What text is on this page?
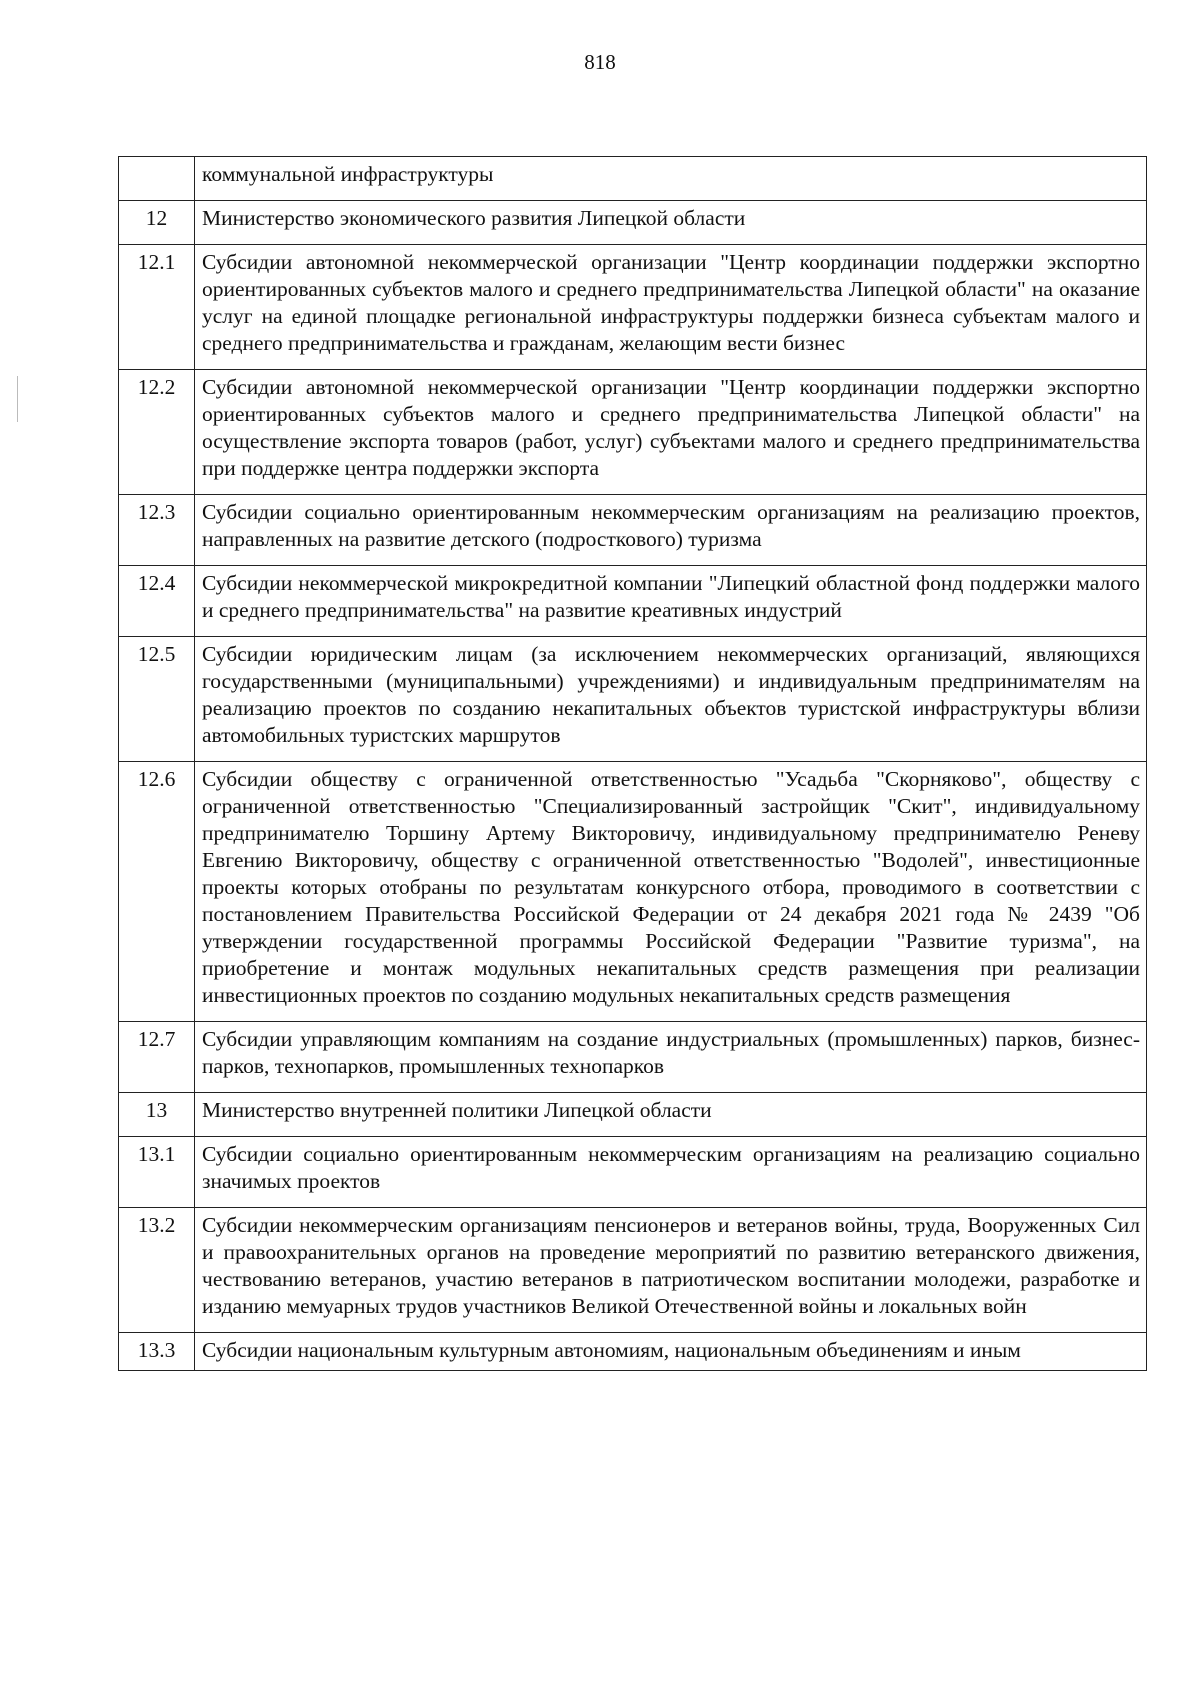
818
	коммунальной инфраструктуры
12	Министерство экономического развития Липецкой области
12.1	Субсидии автономной некоммерческой организации "Центр координации поддержки экспортно ориентированных субъектов малого и среднего предпринимательства Липецкой области" на оказание услуг на единой площадке региональной инфраструктуры поддержки бизнеса субъектам малого и среднего предпринимательства и гражданам, желающим вести бизнес
12.2	Субсидии автономной некоммерческой организации "Центр координации поддержки экспортно ориентированных субъектов малого и среднего предпринимательства Липецкой области" на осуществление экспорта товаров (работ, услуг) субъектами малого и среднего предпринимательства при поддержке центра поддержки экспорта
12.3	Субсидии социально ориентированным некоммерческим организациям на реализацию проектов, направленных на развитие детского (подросткового) туризма
12.4	Субсидии некоммерческой микрокредитной компании "Липецкий областной фонд поддержки малого и среднего предпринимательства" на развитие креативных индустрий
12.5	Субсидии юридическим лицам (за исключением некоммерческих организаций, являющихся государственными (муниципальными) учреждениями) и индивидуальным предпринимателям на реализацию проектов по созданию некапитальных объектов туристской инфраструктуры вблизи автомобильных туристских маршрутов
12.6	Субсидии обществу с ограниченной ответственностью "Усадьба "Скорняково", обществу с ограниченной ответственностью "Специализированный застройщик "Скит", индивидуальному предпринимателю Торшину Артему Викторовичу, индивидуальному предпринимателю Реневу Евгению Викторовичу, обществу с ограниченной ответственностью "Водолей", инвестиционные проекты которых отобраны по результатам конкурсного отбора, проводимого в соответствии с постановлением Правительства Российской Федерации от 24 декабря 2021 года № 2439 "Об утверждении государственной программы Российской Федерации "Развитие туризма", на приобретение и монтаж модульных некапитальных средств размещения при реализации инвестиционных проектов по созданию модульных некапитальных средств размещения
12.7	Субсидии управляющим компаниям на создание индустриальных (промышленных) парков, бизнес-парков, технопарков, промышленных технопарков
13	Министерство внутренней политики Липецкой области
13.1	Субсидии социально ориентированным некоммерческим организациям на реализацию социально значимых проектов
13.2	Субсидии некоммерческим организациям пенсионеров и ветеранов войны, труда, Вооруженных Сил и правоохранительных органов на проведение мероприятий по развитию ветеранского движения, чествованию ветеранов, участию ветеранов в патриотическом воспитании молодежи, разработке и изданию мемуарных трудов участников Великой Отечественной войны и локальных войн
13.3	Субсидии национальным культурным автономиям, национальным объединениям и иным
